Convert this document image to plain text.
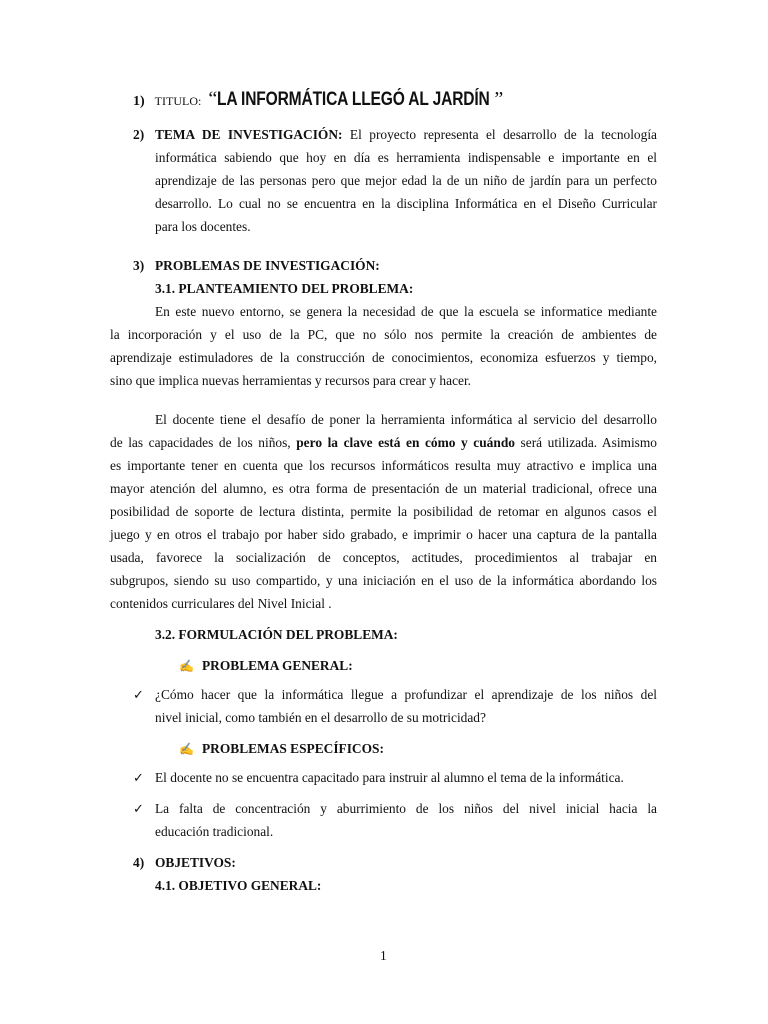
1) TITULO: “LA INFORMÁTICA LLEGÓ AL JARDÍN ”
2) TEMA DE INVESTIGACIÓN: El proyecto representa el desarrollo de la tecnología
informática sabiendo que hoy en día es herramienta indispensable e importante en el
aprendizaje de las personas pero que mejor edad la de un niño de jardín para un perfecto
desarrollo. Lo cual no se encuentra en la disciplina Informática en el Diseño Curricular
para los docentes.
3) PROBLEMAS DE INVESTIGACIÓN:
3.1. PLANTEAMIENTO DEL PROBLEMA:
En este nuevo entorno, se genera la necesidad de que la escuela se informatice mediante
la incorporación y el uso de la PC, que no sólo nos permite la creación de ambientes de
aprendizaje estimuladores de la construcción de conocimientos, economiza esfuerzos y tiempo,
sino que implica nuevas herramientas y recursos para crear y hacer.
El docente tiene el desafío de poner la herramienta informática al servicio del desarrollo
de las capacidades de los niños, pero la clave está en cómo y cuándo será utilizada. Asimismo
es importante tener en cuenta que los recursos informáticos resulta muy atractivo e implica una
mayor atención del alumno, es otra forma de presentación de un material tradicional, ofrece una
posibilidad de soporte de lectura distinta, permite la posibilidad de retomar en algunos casos el
juego y en otros el trabajo por haber sido grabado, e imprimir o hacer una captura de la pantalla
usada, favorece la socialización de conceptos, actitudes, procedimientos al trabajar en
subgrupos, siendo su uso compartido, y una iniciación en el uso de la informática abordando los
contenidos curriculares del Nivel Inicial .
3.2. FORMULACIÓN DEL PROBLEMA:
✍ PROBLEMA GENERAL:
✓ ¿Cómo hacer que la informática llegue a profundizar el aprendizaje de los niños del
nivel inicial, como también en el desarrollo de su motricidad?
✍ PROBLEMAS ESPECÍFICOS:
✓ El docente no se encuentra capacitado para instruir al alumno el tema de la informática.
✓ La falta de concentración y aburrimiento de los niños del nivel inicial hacia la
educación tradicional.
4) OBJETIVOS:
4.1. OBJETIVO GENERAL:
1
